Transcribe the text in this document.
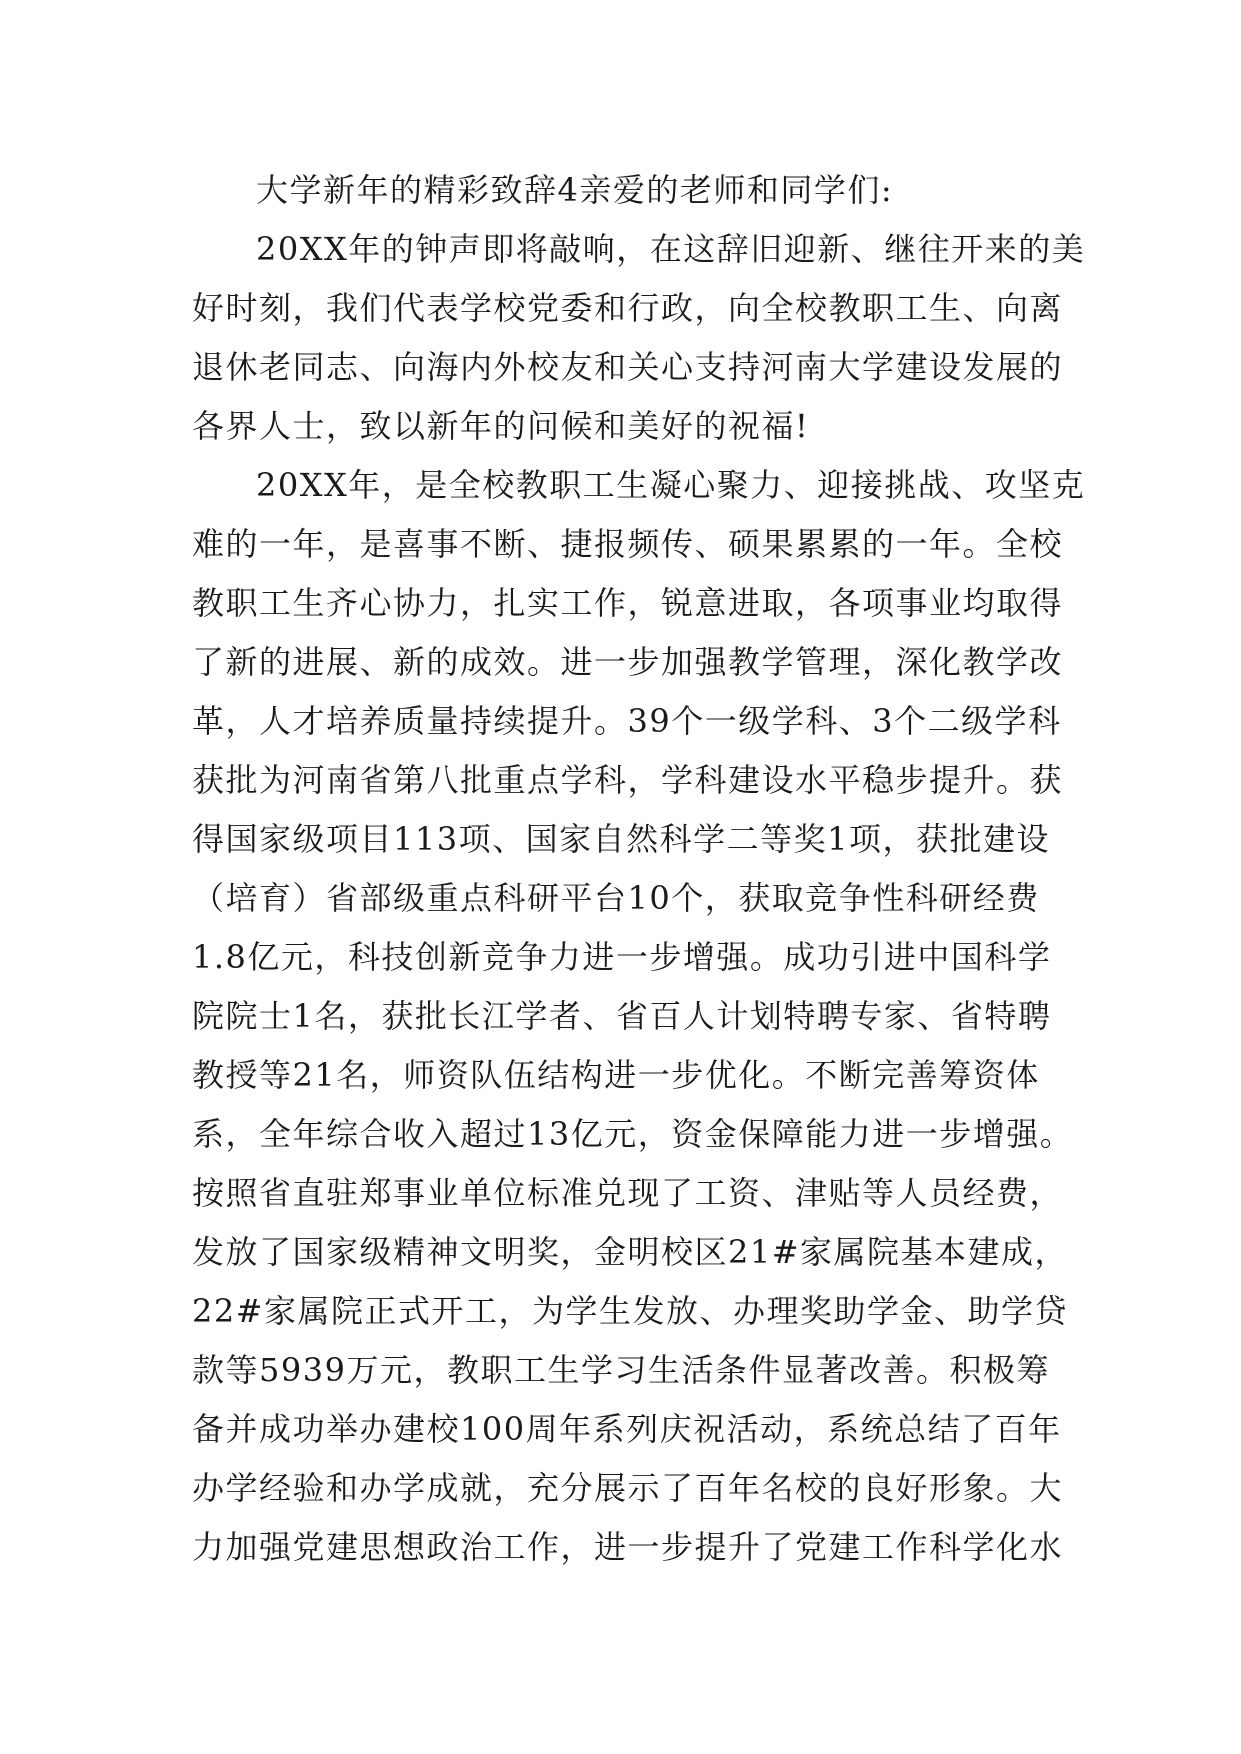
大学新年的精彩致辞4亲爱的老师和同学们:
20XX年的钟声即将敲响，在这辞旧迎新、继往开来的美
好时刻，我们代表学校党委和行政，向全校教职工生、向离
退休老同志、向海内外校友和关心支持河南大学建设发展的
各界人士，致以新年的问候和美好的祝福!
20XX年，是全校教职工生凝心聚力、迎接挑战、攻坚克
难的一年，是喜事不断、捷报频传、硕果累累的一年。全校
教职工生齐心协力，扎实工作，锐意进取，各项事业均取得
了新的进展、新的成效。进一步加强教学管理，深化教学改
革，人才培养质量持续提升。39个一级学科、3个二级学科
获批为河南省第八批重点学科，学科建设水平稳步提升。获
得国家级项目113项、国家自然科学二等奖1项，获批建设
（培育）省部级重点科研平台10个，获取竞争性科研经费
1.8亿元，科技创新竞争力进一步增强。成功引进中国科学
院院士1名，获批长江学者、省百人计划特聘专家、省特聘
教授等21名，师资队伍结构进一步优化。不断完善筹资体
系，全年综合收入超过13亿元，资金保障能力进一步增强。
按照省直驻郑事业单位标准兑现了工资、津贴等人员经费，
发放了国家级精神文明奖，金明校区21#家属院基本建成，
22#家属院正式开工，为学生发放、办理奖助学金、助学贷
款等5939万元，教职工生学习生活条件显著改善。积极筹
备并成功举办建校100周年系列庆祝活动，系统总结了百年
办学经验和办学成就，充分展示了百年名校的良好形象。大
力加强党建思想政治工作，进一步提升了党建工作科学化水
